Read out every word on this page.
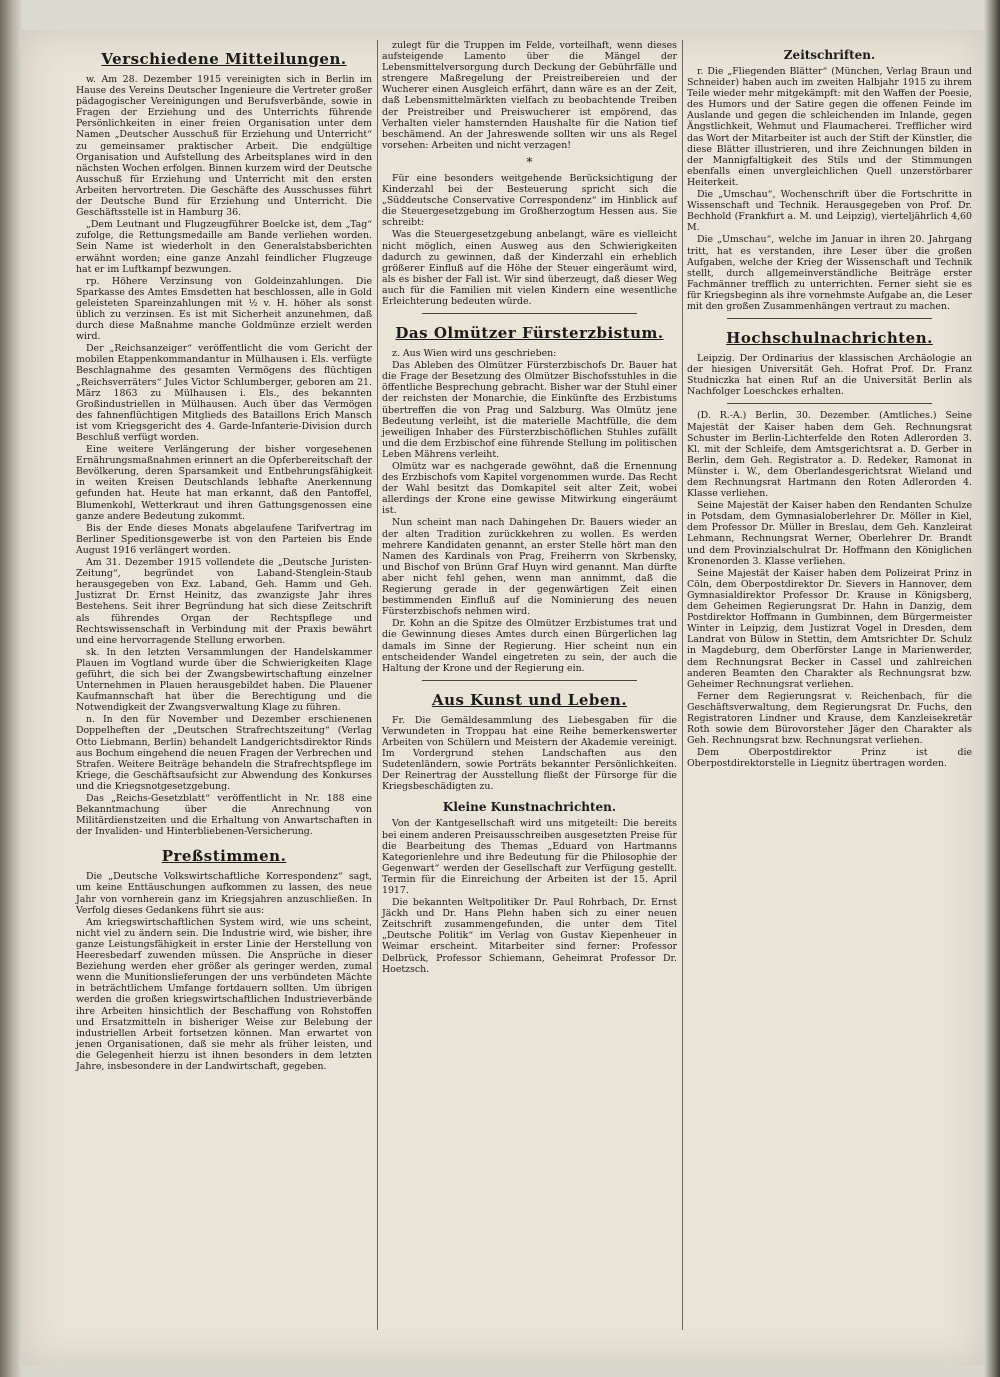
Verschiedene Mitteilungen.

w. Am 28. Dezember 1915 vereinigten sich in Berlin im Hause des Vereins Deutscher Ingenieure die Vertreter großer pädagogischer Vereinigungen und Berufsverbände, sowie in Fragen der Erziehung und des Unterrichts führende Persönlichkeiten in einer freien Organisation unter dem Namen „Deutscher Ausschuß für Erziehung und Unterricht“ zu gemeinsamer praktischer Arbeit. Die endgültige Organisation und Aufstellung des Arbeitsplanes wird in den nächsten Wochen erfolgen. Binnen kurzem wird der Deutsche Ausschuß für Erziehung und Unterricht mit den ersten Arbeiten hervortreten. Die Geschäfte des Ausschusses führt der Deutsche Bund für Erziehung und Unterricht. Die Geschäftsstelle ist in Hamburg 36.

„Dem Leutnant und Flugzeugführer Boelcke ist, dem „Tag“ zufolge, die Rettungsmedaille am Bande verliehen worden. Sein Name ist wiederholt in den Generalstabsberichten erwähnt worden; eine ganze Anzahl feindlicher Flugzeuge hat er im Luftkampf bezwungen.

rp. Höhere Verzinsung von Goldeinzahlungen. Die Sparkasse des Amtes Emsdetten hat beschlossen, alle in Gold geleisteten Spareinzahlungen mit ½ v. H. höher als sonst üblich zu verzinsen. Es ist mit Sicherheit anzunehmen, daß durch diese Maßnahme manche Goldmünze erzielt werden wird.

Der „Reichsanzeiger“ veröffentlicht die vom Gericht der mobilen Etappenkommandantur in Mülhausen i. Els. verfügte Beschlagnahme des gesamten Vermögens des flüchtigen „Reichsverräters“ Jules Victor Schlumberger, geboren am 21. März 1863 zu Mülhausen i. Els., des bekannten Großindustriellen in Mülhausen. Auch über das Vermögen des fahnenflüchtigen Mitglieds des Bataillons Erich Mansch ist vom Kriegsgericht des 4. Garde-Infanterie-Division durch Beschluß verfügt worden.

Eine weitere Verlängerung der bisher vorgesehenen Ernährungsmaßnahmen erinnert an die Opferbereitschaft der Bevölkerung, deren Sparsamkeit und Entbehrungsfähigkeit in weiten Kreisen Deutschlands lebhafte Anerkennung gefunden hat. Heute hat man erkannt, daß den Pantoffel, Blumenkohl, Wetterkraut und ihren Gattungsgenossen eine ganze andere Bedeutung zukommt.

Bis der Ende dieses Monats abgelaufene Tarifvertrag im Berliner Speditionsgewerbe ist von den Parteien bis Ende August 1916 verlängert worden.

Am 31. Dezember 1915 vollendete die „Deutsche Juristen-Zeitung“, begründet von Laband-Stenglein-Staub herausgegeben von Exz. Laband, Geh. Hamm und Geh. Justizrat Dr. Ernst Heinitz, das zwanzigste Jahr ihres Bestehens. Seit ihrer Begründung hat sich diese Zeitschrift als führendes Organ der Rechtspflege und Rechtswissenschaft in Verbindung mit der Praxis bewährt und eine hervorragende Stellung erworben.

sk. In den letzten Versammlungen der Handelskammer Plauen im Vogtland wurde über die Schwierigkeiten Klage geführt, die sich bei der Zwangsbewirtschaftung einzelner Unternehmen in Plauen herausgebildet haben. Die Plauener Kaufmannschaft hat über die Berechtigung und die Notwendigkeit der Zwangsverwaltung Klage zu führen.

n. In den für November und Dezember erschienenen Doppelheften der „Deutschen Strafrechtszeitung“ (Verlag Otto Liebmann, Berlin) behandelt Landgerichtsdirektor Rinds aus Bochum eingehend die neuen Fragen der Verbrechen und Strafen. Weitere Beiträge behandeln die Strafrechtspflege im Kriege, die Geschäftsaufsicht zur Abwendung des Konkurses und die Kriegsnotgesetzgebung.

Das „Reichs-Gesetzblatt“ veröffentlicht in Nr. 188 eine Bekanntmachung über die Anrechnung von Militärdienstzeiten und die Erhaltung von Anwartschaften in der Invaliden- und Hinterbliebenen-Versicherung.

Preßstimmen.

Die „Deutsche Volkswirtschaftliche Korrespondenz“ sagt, um keine Enttäuschungen aufkommen zu lassen, des neue Jahr von vornherein ganz im Kriegsjahren anzuschließen. In Verfolg dieses Gedankens führt sie aus:

Am kriegswirtschaftlichen System wird, wie uns scheint, nicht viel zu ändern sein. Die Industrie wird, wie bisher, ihre ganze Leistungsfähigkeit in erster Linie der Herstellung von Heeresbedarf zuwenden müssen. Die Ansprüche in dieser Beziehung werden eher größer als geringer werden, zumal wenn die Munitionslieferungen der uns verbündeten Mächte in beträchtlichem Umfange fortdauern sollten. Um übrigen werden die großen kriegswirtschaftlichen Industrieverbände ihre Arbeiten hinsichtlich der Beschaffung von Rohstoffen und Ersatzmitteln in bisheriger Weise zur Belebung der industriellen Arbeit fortsetzen können. Man erwartet von jenen Organisationen, daß sie mehr als früher leisten, und die Gelegenheit hierzu ist ihnen besonders in dem letzten Jahre, insbesondere in der Landwirtschaft, gegeben.

zulegt für die Truppen im Felde, vorteilhaft, wenn dieses aufsteigende Lamento über die Mängel der Lebensmittelversorgung durch Deckung der Gebührfälle und strengere Maßregelung der Preistreibereien und der Wucherer einen Ausgleich erfährt, dann wäre es an der Zeit, daß Lebensmittelmärkten vielfach zu beobachtende Treiben der Preistreiber und Preiswucherer ist empörend, das Verhalten vieler hamsternden Haushalte für die Nation tief beschämend. An der Jahreswende sollten wir uns als Regel vorsehen: Arbeiten und nicht verzagen!

*

Für eine besonders weitgehende Berücksichtigung der Kinderzahl bei der Besteuerung spricht sich die „Süddeutsche Conservative Correspondenz“ im Hinblick auf die Steuergesetzgebung im Großherzogtum Hessen aus. Sie schreibt:

Was die Steuergesetzgebung anbelangt, wäre es vielleicht nicht möglich, einen Ausweg aus den Schwierigkeiten dadurch zu gewinnen, daß der Kinderzahl ein erheblich größerer Einfluß auf die Höhe der Steuer eingeräumt wird, als es bisher der Fall ist. Wir sind überzeugt, daß dieser Weg auch für die Familien mit vielen Kindern eine wesentliche Erleichterung bedeuten würde.

Das Olmützer Fürsterzbistum.

z. Aus Wien wird uns geschrieben:

Das Ableben des Olmützer Fürsterzbischofs Dr. Bauer hat die Frage der Besetzung des Olmützer Bischofsstuhles in die öffentliche Besprechung gebracht. Bisher war der Stuhl einer der reichsten der Monarchie, die Einkünfte des Erzbistums übertreffen die von Prag und Salzburg. Was Olmütz jene Bedeutung verleiht, ist die materielle Machtfülle, die dem jeweiligen Inhaber des Fürsterzbischöflichen Stuhles zufällt und die dem Erzbischof eine führende Stellung im politischen Leben Mährens verleiht.

Olmütz war es nachgerade gewöhnt, daß die Ernennung des Erzbischofs vom Kapitel vorgenommen wurde. Das Recht der Wahl besitzt das Domkapitel seit alter Zeit, wobei allerdings der Krone eine gewisse Mitwirkung eingeräumt ist.

Nun scheint man nach Dahingehen Dr. Bauers wieder an der alten Tradition zurückkehren zu wollen. Es werden mehrere Kandidaten genannt, an erster Stelle hört man den Namen des Kardinals von Prag, Freiherrn von Skrbensky, und Bischof von Brünn Graf Huyn wird genannt. Man dürfte aber nicht fehl gehen, wenn man annimmt, daß die Regierung gerade in der gegenwärtigen Zeit einen bestimmenden Einfluß auf die Nominierung des neuen Fürsterzbischofs nehmen wird.

Dr. Kohn an die Spitze des Olmützer Erzbistumes trat und die Gewinnung dieses Amtes durch einen Bürgerlichen lag damals im Sinne der Regierung. Hier scheint nun ein entscheidender Wandel eingetreten zu sein, der auch die Haltung der Krone und der Regierung ein.

Aus Kunst und Leben.

Fr. Die Gemäldesammlung des Liebesgaben für die Verwundeten in Troppau hat eine Reihe bemerkenswerter Arbeiten von Schülern und Meistern der Akademie vereinigt. Im Vordergrund stehen Landschaften aus den Sudetenländern, sowie Porträts bekannter Persönlichkeiten. Der Reinertrag der Ausstellung fließt der Fürsorge für die Kriegsbeschädigten zu.

Kleine Kunstnachrichten.

Von der Kantgesellschaft wird uns mitgeteilt: Die bereits bei einem anderen Preisausschreiben ausgesetzten Preise für die Bearbeitung des Themas „Eduard von Hartmanns Kategorienlehre und ihre Bedeutung für die Philosophie der Gegenwart“ werden der Gesellschaft zur Verfügung gestellt. Termin für die Einreichung der Arbeiten ist der 15. April 1917.

Die bekannten Weltpolitiker Dr. Paul Rohrbach, Dr. Ernst Jäckh und Dr. Hans Plehn haben sich zu einer neuen Zeitschrift zusammengefunden, die unter dem Titel „Deutsche Politik“ im Verlag von Gustav Kiepenheuer in Weimar erscheint. Mitarbeiter sind ferner: Professor Delbrück, Professor Schiemann, Geheimrat Professor Dr. Hoetzsch.

Zeitschriften.

r. Die „Fliegenden Blätter“ (München, Verlag Braun und Schneider) haben auch im zweiten Halbjahr 1915 zu ihrem Teile wieder mehr mitgekämpft: mit den Waffen der Poesie, des Humors und der Satire gegen die offenen Feinde im Auslande und gegen die schleichenden im Inlande, gegen Ängstlichkeit, Wehmut und Flaumacherei. Trefflicher wird das Wort der Mitarbeiter ist auch der Stift der Künstler, die diese Blätter illustrieren, und ihre Zeichnungen bilden in der Mannigfaltigkeit des Stils und der Stimmungen ebenfalls einen unvergleichlichen Quell unzerstörbarer Heiterkeit.

Die „Umschau“, Wochenschrift über die Fortschritte in Wissenschaft und Technik. Herausgegeben von Prof. Dr. Bechhold (Frankfurt a. M. und Leipzig), vierteljährlich 4,60 M.

Die „Umschau“, welche im Januar in ihren 20. Jahrgang tritt, hat es verstanden, ihre Leser über die großen Aufgaben, welche der Krieg der Wissenschaft und Technik stellt, durch allgemeinverständliche Beiträge erster Fachmänner trefflich zu unterrichten. Ferner sieht sie es für Kriegsbeginn als ihre vornehmste Aufgabe an, die Leser mit den großen Zusammenhängen vertraut zu machen.

Hochschulnachrichten.

Leipzig. Der Ordinarius der klassischen Archäologie an der hiesigen Universität Geh. Hofrat Prof. Dr. Franz Studniczka hat einen Ruf an die Universität Berlin als Nachfolger Loeschckes erhalten.

(D. R.-A.) Berlin, 30. Dezember. (Amtliches.) Seine Majestät der Kaiser haben dem Geh. Rechnungsrat Schuster im Berlin-Lichterfelde den Roten Adlerorden 3. Kl. mit der Schleife, dem Amtsgerichtsrat a. D. Gerber in Berlin, dem Geh. Registrator a. D. Redeker, Ramonat in Münster i. W., dem Oberlandesgerichtsrat Wieland und dem Rechnungsrat Hartmann den Roten Adlerorden 4. Klasse verliehen.

Seine Majestät der Kaiser haben den Rendanten Schulze in Potsdam, dem Gymnasialoberlehrer Dr. Möller in Kiel, dem Professor Dr. Müller in Breslau, dem Geh. Kanzleirat Lehmann, Rechnungsrat Werner, Oberlehrer Dr. Brandt und dem Provinzialschulrat Dr. Hoffmann den Königlichen Kronenorden 3. Klasse verliehen.

Seine Majestät der Kaiser haben dem Polizeirat Prinz in Cöln, dem Oberpostdirektor Dr. Sievers in Hannover, dem Gymnasialdirektor Professor Dr. Krause in Königsberg, dem Geheimen Regierungsrat Dr. Hahn in Danzig, dem Postdirektor Hoffmann in Gumbinnen, dem Bürgermeister Winter in Leipzig, dem Justizrat Vogel in Dresden, dem Landrat von Bülow in Stettin, dem Amtsrichter Dr. Schulz in Magdeburg, dem Oberförster Lange in Marienwerder, dem Rechnungsrat Becker in Cassel und zahlreichen anderen Beamten den Charakter als Rechnungsrat bzw. Geheimer Rechnungsrat verliehen.

Ferner dem Regierungsrat v. Reichenbach, für die Geschäftsverwaltung, dem Regierungsrat Dr. Fuchs, den Registratoren Lindner und Krause, dem Kanzleisekretär Roth sowie dem Bürovorsteher Jäger den Charakter als Geh. Rechnungsrat bzw. Rechnungsrat verliehen.

Dem Oberpostdirektor Prinz ist die Oberpostdirektorstelle in Liegnitz übertragen worden.
